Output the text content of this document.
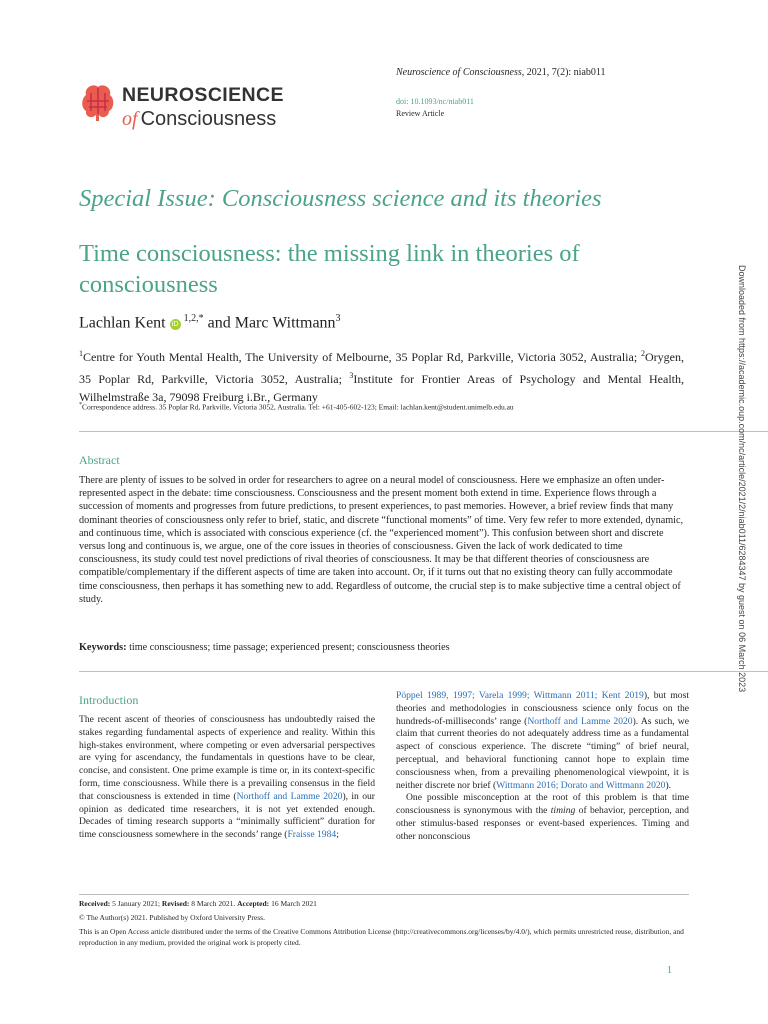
NEUROSCIENCE
of Consciousness
Neuroscience of Consciousness, 2021, 7(2): niab011
doi: 10.1093/nc/niab011
Review Article
Special Issue: Consciousness science and its theories
Time consciousness: the missing link in theories of consciousness
Lachlan Kent $iD^{1,2,*}$ and Marc Wittmann$^3$
$^1$Centre for Youth Mental Health, The University of Melbourne, 35 Poplar Rd, Parkville, Victoria 3052, Australia; $^2$Orygen, 35 Poplar Rd, Parkville, Victoria 3052, Australia; $^3$Institute for Frontier Areas of Psychology and Mental Health, Wilhelmstraße 3a, 79098 Freiburg i.Br., Germany
*Correspondence address. 35 Poplar Rd, Parkville, Victoria 3052, Australia. Tel: +61-405-602-123; Email: lachlan.kent@student.unimelb.edu.au
Abstract
There are plenty of issues to be solved in order for researchers to agree on a neural model of consciousness. Here we emphasize an often under-represented aspect in the debate: time consciousness. Consciousness and the present moment both extend in time. Experience flows through a succession of moments and progresses from future predictions, to present experiences, to past memories. However, a brief review finds that many dominant theories of consciousness only refer to brief, static, and discrete “functional moments” of time. Very few refer to more extended, dynamic, and continuous time, which is associated with conscious experience (cf. the “experienced moment”). This confusion between short and discrete versus long and continuous is, we argue, one of the core issues in theories of consciousness. Given the lack of work dedicated to time consciousness, its study could test novel predictions of rival theories of consciousness. It may be that different theories of consciousness are compatible/complementary if the different aspects of time are taken into account. Or, if it turns out that no existing theory can fully accommodate time consciousness, then perhaps it has something new to add. Regardless of outcome, the crucial step is to make subjective time a central object of study.
Keywords: time consciousness; time passage; experienced present; consciousness theories	Downloaded from https://academic.oup.com/nc/article/2021/2/niab011/6284347 by guest on 06 March 2023
Introduction

The recent ascent of theories of consciousness has undoubtedly raised the stakes regarding fundamental aspects of experience and reality. Within this high-stakes environment, where competing or even adversarial perspectives are vying for ascendancy, the fundamentals in questions have to be clear, concise, and consistent. One prime example is time or, in its context-specific form, time consciousness. While there is a prevailing consensus in the field that consciousness is extended in time (Northoff and Lamme 2020), in our opinion as dedicated time researchers, it is not yet extended enough. Decades of timing research supports a “minimally sufficient” duration for time consciousness somewhere in the seconds’ range (Fraisse 1984;

Pöppel 1989, 1997; Varela 1999; Wittmann 2011; Kent 2019), but most theories and methodologies in consciousness science only focus on the hundreds-of-milliseconds’ range (Northoff and Lamme 2020). As such, we claim that current theories do not adequately address time as a fundamental aspect of conscious experience. The discrete “timing” of brief neural, perceptual, and behavioral functioning cannot hope to explain time consciousness when, from a prevailing phenomenological viewpoint, it is neither discrete nor brief (Wittmann 2016; Dorato and Wittmann 2020).

One possible misconception at the root of this problem is that time consciousness is synonymous with the timing of behavior, perception, and other stimulus-based responses or event-based experiences. Timing and other nonconscious

Received: 5 January 2021; Revised: 8 March 2021. Accepted: 16 March 2021
© The Author(s) 2021. Published by Oxford University Press.
This is an Open Access article distributed under the terms of the Creative Commons Attribution License (http://creativecommons.org/licenses/by/4.0/), which permits unrestricted reuse, distribution, and reproduction in any medium, provided the original work is properly cited.
1
